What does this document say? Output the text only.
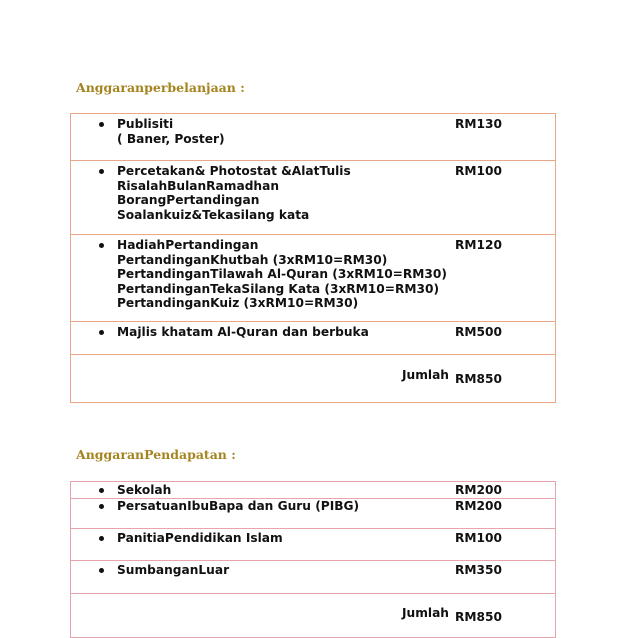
Anggaranperbelanjaan :
Publisiti
( Baner, Poster)	RM130

Percetakan& Photostat &AlatTulis
RisalahBulanRamadhan
BorangPertandingan
Soalankuiz&Tekasilang kata	RM100

HadiahPertandingan
PertandinganKhutbah (3xRM10=RM30)
PertandinganTilawah Al-Quran (3xRM10=RM30)
PertandinganTekaSilang Kata (3xRM10=RM30)
PertandinganKuiz (3xRM10=RM30)	RM120

Majlis khatam Al-Quran dan berbuka	RM500
Jumlah	RM850
AnggaranPendapatan :
Sekolah	RM200

PersatuanIbuBapa dan Guru (PIBG)	RM200

PanitiaPendidikan Islam	RM100

SumbanganLuar	RM350
Jumlah	RM850
